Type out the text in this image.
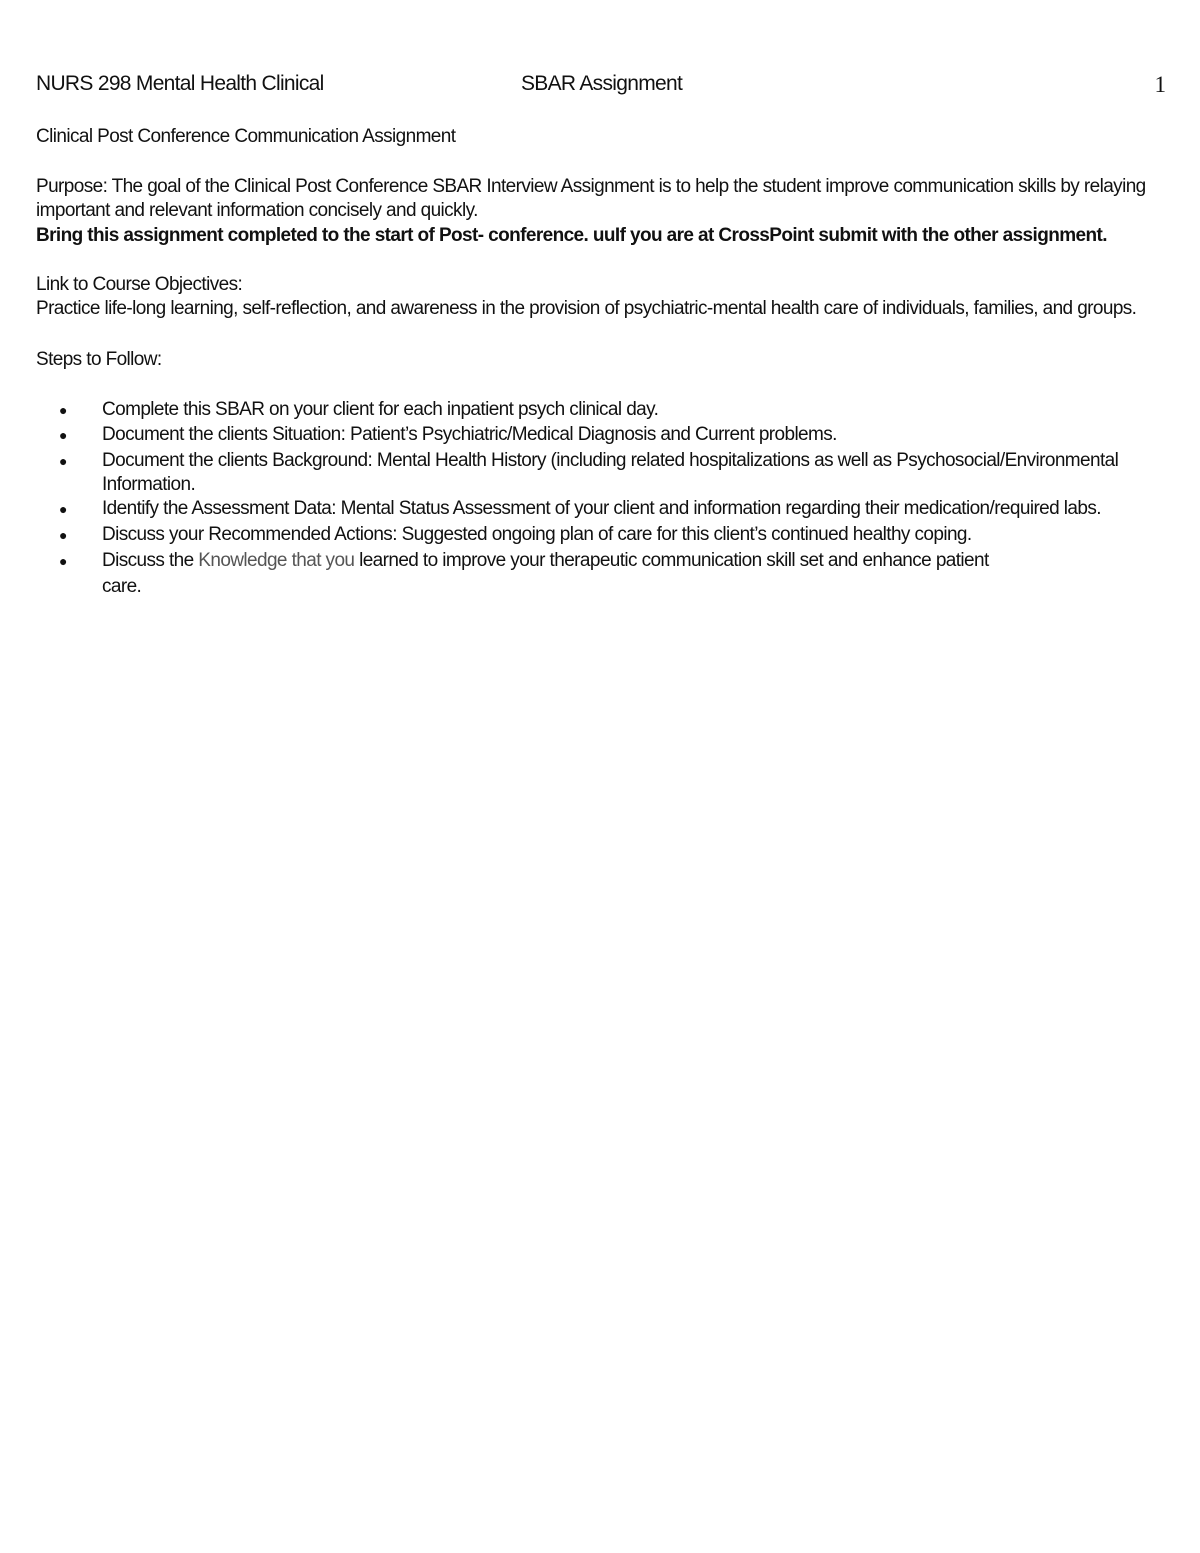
NURS 298 Mental Health Clinical	SBAR Assignment	1
Clinical Post Conference Communication Assignment
Purpose: The goal of the Clinical Post Conference SBAR Interview Assignment is to help the student improve communication skills by relaying
important and relevant information concisely and quickly.
Bring this assignment completed to the start of Post- conference. uuIf you are at CrossPoint submit with the other assignment.
Link to Course Objectives:
Practice life-long learning, self-reflection, and awareness in the provision of psychiatric-mental health care of individuals, families, and groups.
Steps to Follow:
● Complete this SBAR on your client for each inpatient psych clinical day.
● Document the clients Situation: Patient’s Psychiatric/Medical Diagnosis and Current problems.
● Document the clients Background: Mental Health History (including related hospitalizations as well as Psychosocial/Environmental
Information.
● Identify the Assessment Data: Mental Status Assessment of your client and information regarding their medication/required labs.
● Discuss your Recommended Actions: Suggested ongoing plan of care for this client’s continued healthy coping.
● Discuss the Knowledge that you learned to improve your therapeutic communication skill set and enhance patient
care.
